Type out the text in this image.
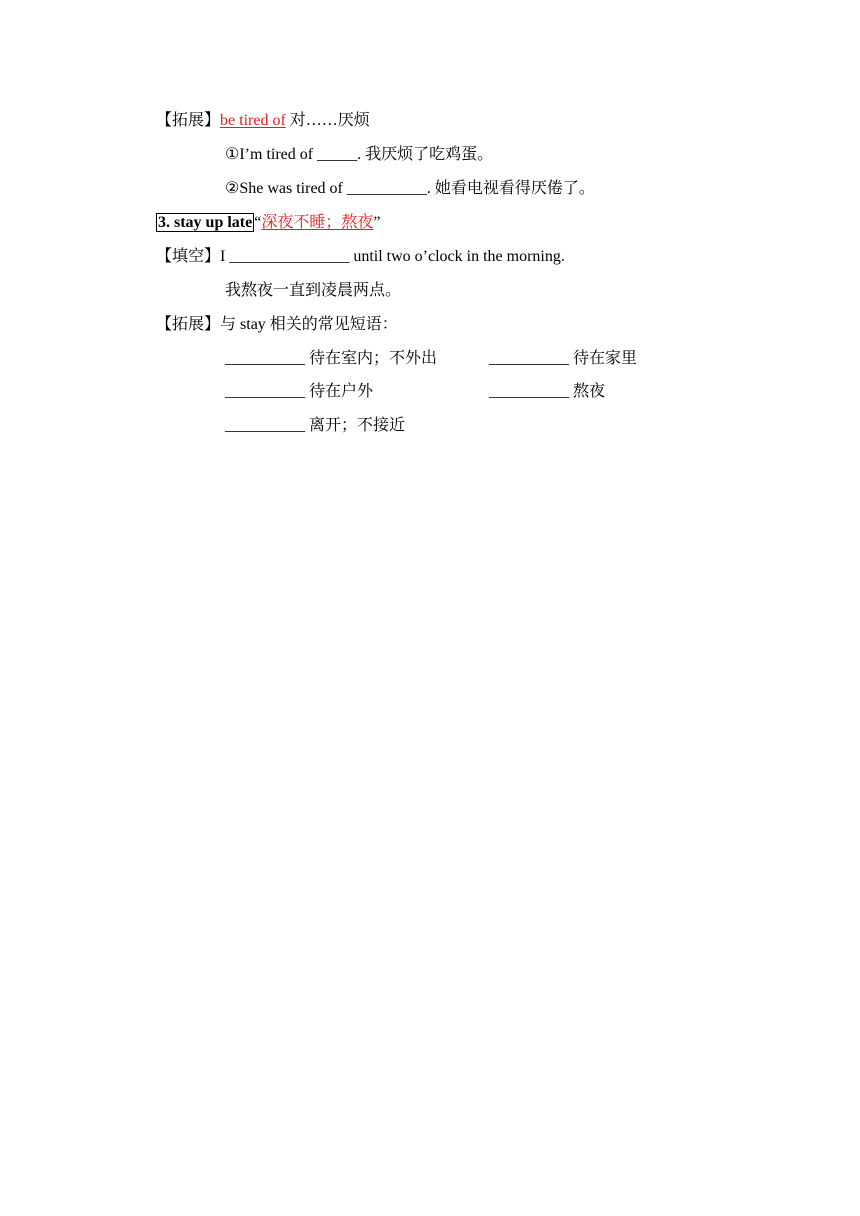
【拓展】be tired of 对……厌烦
①I’m tired of _____. 我厌烦了吃鸡蛋。
②She was tired of __________. 她看电视看得厌倦了。
3. stay up late “深夜不睡；熬夜”
【填空】I _______________ until two o’clock in the morning.
我熬夜一直到凌晨两点。
【拓展】与 stay 相关的常见短语：
__________ 待在室内；不外出	__________ 待在家里
__________ 待在户外	__________ 熬夜
__________ 离开；不接近
